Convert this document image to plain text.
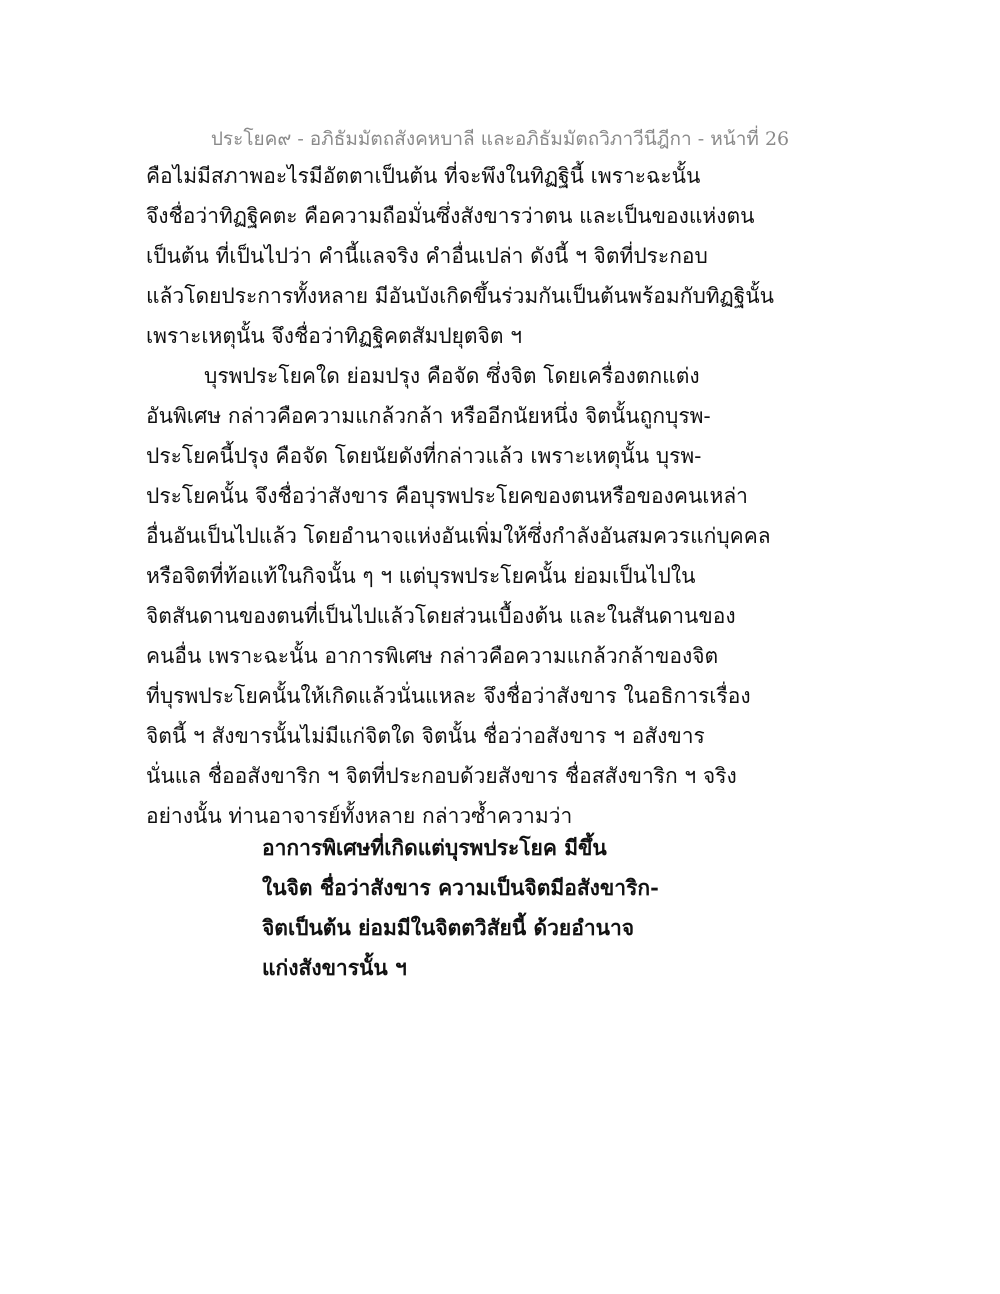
ประโยค๙ - อภิธัมมัตถสังคหบาลี และอภิธัมมัตถวิภาวีนีฎีกา - หน้าที่ 26
คือไม่มีสภาพอะไรมีอัตตาเป็นต้น ที่จะพึงในทิฏฐินี้ เพราะฉะนั้น
จึงชื่อว่าทิฏฐิคตะ คือความถือมั่นซึ่งสังขารว่าตน และเป็นของแห่งตน
เป็นต้น ที่เป็นไปว่า คำนี้แลจริง คำอื่นเปล่า ดังนี้ ฯ จิตที่ประกอบ
แล้วโดยประการทั้งหลาย มีอันบังเกิดขึ้นร่วมกันเป็นต้นพร้อมกับทิฏฐินั้น
เพราะเหตุนั้น จึงชื่อว่าทิฏฐิคตสัมปยุตจิต ฯ
บุรพประโยคใด ย่อมปรุง คือจัด ซึ่งจิต โดยเครื่องตกแต่ง
อันพิเศษ กล่าวคือความแกล้วกล้า หรืออีกนัยหนึ่ง จิตนั้นถูกบุรพ-
ประโยคนี้ปรุง คือจัด โดยนัยดังที่กล่าวแล้ว เพราะเหตุนั้น บุรพ-
ประโยคนั้น จึงชื่อว่าสังขาร คือบุรพประโยคของตนหรือของคนเหล่า
อื่นอันเป็นไปแล้ว โดยอำนาจแห่งอันเพิ่มให้ซึ่งกำลังอันสมควรแก่บุคคล
หรือจิตที่ท้อแท้ในกิจนั้น ๆ ฯ แต่บุรพประโยคนั้น ย่อมเป็นไปใน
จิตสันดานของตนที่เป็นไปแล้วโดยส่วนเบื้องต้น และในสันดานของ
คนอื่น เพราะฉะนั้น อาการพิเศษ กล่าวคือความแกล้วกล้าของจิต
ที่บุรพประโยคนั้นให้เกิดแล้วนั่นแหละ จึงชื่อว่าสังขาร ในอธิการเรื่อง
จิตนี้ ฯ สังขารนั้นไม่มีแก่จิตใด จิตนั้น ชื่อว่าอสังขาร ฯ อสังขาร
นั่นแล ชื่ออสังขาริก ฯ จิตที่ประกอบด้วยสังขาร ชื่อสสังขาริก ฯ จริง
อย่างนั้น ท่านอาจารย์ทั้งหลาย กล่าวซ้ำความว่า
อาการพิเศษที่เกิดแต่บุรพประโยค มีขึ้น
ในจิต ชื่อว่าสังขาร ความเป็นจิตมีอสังขาริก-
จิตเป็นต้น ย่อมมีในจิตตวิสัยนี้ ด้วยอำนาจ
แก่งสังขารนั้น ฯ
